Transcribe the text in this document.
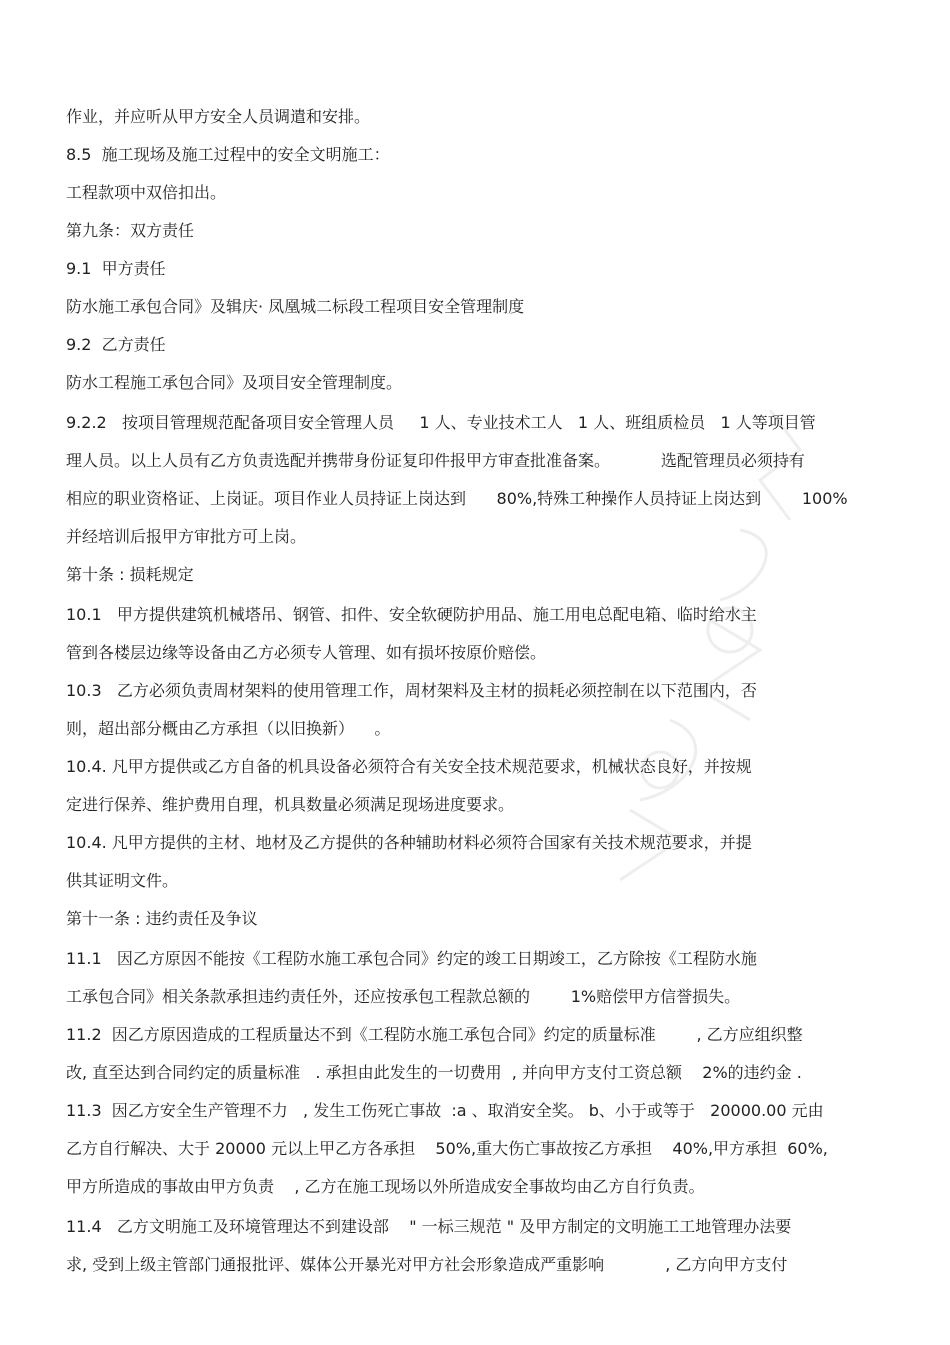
作业，并应听从甲方安全人员调遣和安排。
8.5  施工现场及施工过程中的安全文明施工：
工程款项中双倍扣出。
第九条：双方责任
9.1  甲方责任
防水施工承包合同》及辑庆· 凤凰城二标段工程项目安全管理制度
9.2  乙方责任
防水工程施工承包合同》及项目安全管理制度。
9.2.2   按项目管理规范配备项目安全管理人员     1 人、专业技术工人   1 人、班组质检员   1 人等项目管
理人员。以上人员有乙方负责选配并携带身份证复印件报甲方审查批准备案。          选配管理员必须持有
相应的职业资格证、上岗证。项目作业人员持证上岗达到      80%,特殊工种操作人员持证上岗达到        100%
并经培训后报甲方审批方可上岗。
第十条 : 损耗规定
10.1   甲方提供建筑机械塔吊、钢管、扣件、安全软硬防护用品、施工用电总配电箱、临时给水主
管到各楼层边缘等设备由乙方必须专人管理、如有损坏按原价赔偿。
10.3   乙方必须负责周材架料的使用管理工作，周材架料及主材的损耗必须控制在以下范围内，否
则，超出部分概由乙方承担（以旧换新）    。
10.4. 凡甲方提供或乙方自备的机具设备必须符合有关安全技术规范要求，机械状态良好，并按规
定进行保养、维护费用自理，机具数量必须满足现场进度要求。
10.4. 凡甲方提供的主材、地材及乙方提供的各种辅助材料必须符合国家有关技术规范要求，并提
供其证明文件。
第十一条 : 违约责任及争议
11.1   因乙方原因不能按《工程防水施工承包合同》约定的竣工日期竣工，乙方除按《工程防水施
工承包合同》相关条款承担违约责任外，还应按承包工程款总额的        1%赔偿甲方信誉损失。
11.2  因乙方原因造成的工程质量达不到《工程防水施工承包合同》约定的质量标准        , 乙方应组织整
改, 直至达到合同约定的质量标准   . 承担由此发生的一切费用  , 并向甲方支付工资总额    2%的违约金 .
11.3  因乙方安全生产管理不力   , 发生工伤死亡事故  :a 、取消安全奖。 b、小于或等于   20000.00 元由
乙方自行解决、大于 20000 元以上甲乙方各承担    50%,重大伤亡事故按乙方承担    40%,甲方承担  60%,
甲方所造成的事故由甲方负责    , 乙方在施工现场以外所造成安全事故均由乙方自行负责。
11.4   乙方文明施工及环境管理达不到建设部    " 一标三规范 " 及甲方制定的文明施工工地管理办法要
求, 受到上级主管部门通报批评、媒体公开暴光对甲方社会形象造成严重影响            , 乙方向甲方支付
